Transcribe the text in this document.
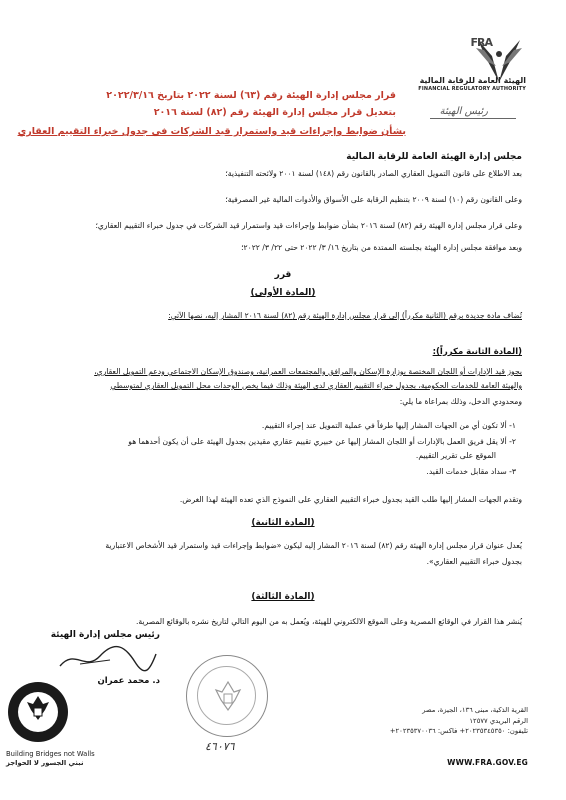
الهيئة العامة للرقابة المالية
FINANCIAL REGULATORY AUTHORITY
FRA
قرار مجلس إدارة الهيئة رقم (٦٣) لسنة ٢٠٢٢ بتاريخ ٢٠٢٢/٣/١٦
رئيس الهيئة
بتعديل قرار مجلس إدارة الهيئة رقم (٨٢) لسنة ٢٠١٦
بشأن ضوابط وإجراءات قيد واستمرار قيد الشركات في جدول خبراء التقييم العقاري
مجلس إدارة الهيئة العامة للرقابة المالية

بعد الاطلاع على قانون التمويل العقاري الصادر بالقانون رقم (١٤٨) لسنة ٢٠٠١ ولائحته التنفيذية؛

وعلى القانون رقم (١٠) لسنة ٢٠٠٩ بتنظيم الرقابة على الأسواق والأدوات المالية غير المصرفية؛

وعلى قرار مجلس إدارة الهيئة رقم (٨٢) لسنة ٢٠١٦ بشأن ضوابط وإجراءات قيد واستمرار قيد الشركات في جدول خبراء التقييم العقاري؛

وبعد موافقة مجلس إدارة الهيئة بجلسته الممتدة من بتاريخ ١٦/ ٣/ ٢٠٢٢ حتى ٢٢/ ٣/ ٢٠٢٢؛

قرر
(المادة الأولى)

تُضاف مادة جديدة برقم (الثانية مكرراً) إلى قرار مجلس إدارة الهيئة رقم (٨٢) لسنة ٢٠١٦ المشار إليه، نصها الآتي:

(المادة الثانية مكرراً):

يجوز قيد الإدارات أو اللجان المختصة بوزارة الإسكان والمرافق والمجتمعات العمرانية، وصندوق الإسكان الاجتماعي ودعم التمويل العقاري،

والهيئة العامة للخدمات الحكومية، بجدول خبراء التقييم العقاري لدى الهيئة وذلك فيما يخص الوحدات محل التمويل العقاري لمتوسطي

ومحدودي الدخل، وذلك بمراعاة ما يلي:

١- ألا تكون أي من الجهات المشار إليها طرفاً في عملية التمويل عند إجراء التقييم.

٢- ألا يقل فريق العمل بالإدارات أو اللجان المشار إليها عن خبيري تقييم عقاري مقيدين بجدول الهيئة على أن يكون أحدهما هو

الموقع على تقرير التقييم.

٣- سداد مقابل خدمات القيد.

وتقدم الجهات المشار إليها طلب القيد بجدول خبراء التقييم العقاري على النموذج الذي تعده الهيئة لهذا الغرض.

(المادة الثانية)

يُعدل عنوان قرار مجلس إدارة الهيئة رقم (٨٢) لسنة ٢٠١٦ المشار إليه ليكون «ضوابط وإجراءات قيد واستمرار قيد الأشخاص الاعتبارية

بجدول خبراء التقييم العقاري».

(المادة الثالثة)

يُنشر هذا القرار في الوقائع المصرية وعلى الموقع الالكتروني للهيئة، ويُعمل به من اليوم التالي لتاريخ نشره بالوقائع المصرية.

رئيس مجلس إدارة الهيئة
د. محمد عمران
٤٦٠٧٦
Building Bridges not Walls
نبني الجسور لا الحواجز
القرية الذكية، مبنى ١٣٦، الجيزة، مصر
الرقم البريدي ١٢٥٧٧
تليفون: ٢٠٢٣٥٣٤٥٣٥٠+ فاكس: ٢٠٢٣٥٣٧٠٠٣٦+
WWW.FRA.GOV.EG
